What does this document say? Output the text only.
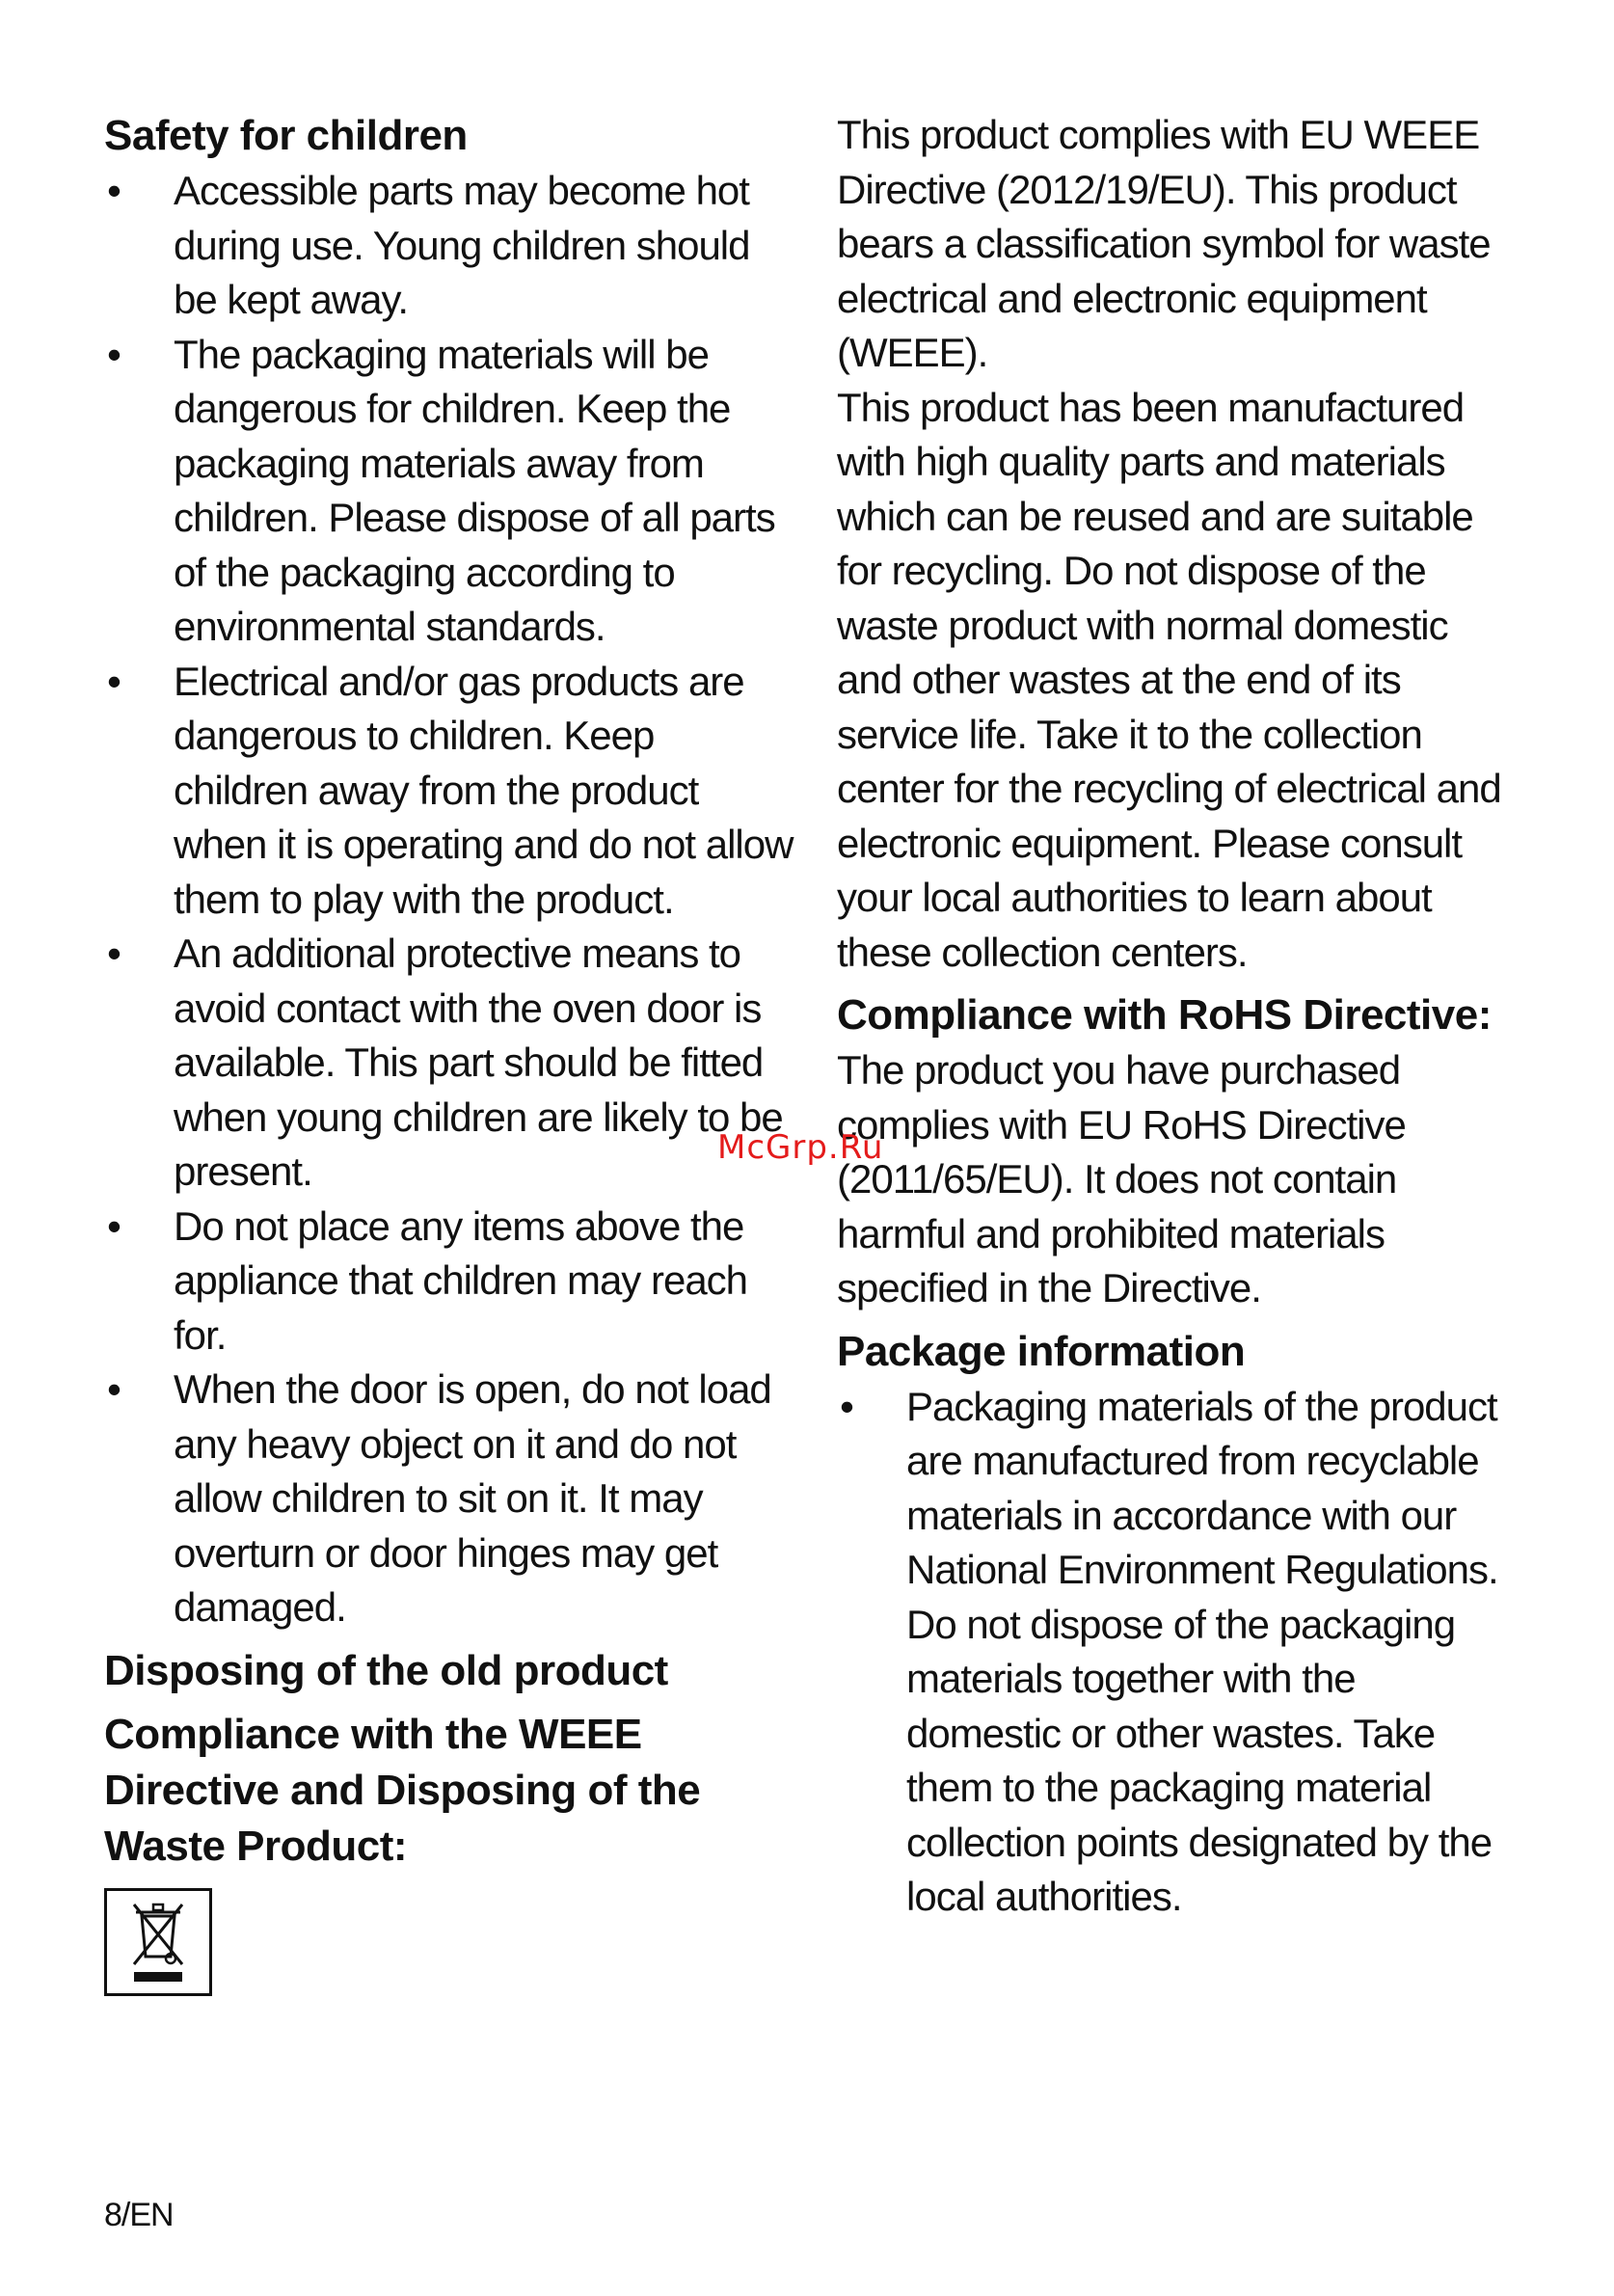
Safety for children
• Accessible parts may become hot during use. Young children should be kept away.
• The packaging materials will be dangerous for children. Keep the packaging materials away from children. Please dispose of all parts of the packaging according to environmental standards.
• Electrical and/or gas products are dangerous to children. Keep children away from the product when it is operating and do not allow them to play with the product.
• An additional protective means to avoid contact with the oven door is available. This part should be fitted when young children are likely to be present.
• Do not place any items above the appliance that children may reach for.
• When the door is open, do not load any heavy object on it and do not allow children to sit on it. It may overturn or door hinges may get damaged.
Disposing of the old product
Compliance with the WEEE Directive and Disposing of the Waste Product:

This product complies with EU WEEE Directive (2012/19/EU). This product bears a classification symbol for waste electrical and electronic equipment (WEEE).

This product has been manufactured with high quality parts and materials which can be reused and are suitable for recycling. Do not dispose of the waste product with normal domestic and other wastes at the end of its service life. Take it to the collection center for the recycling of electrical and electronic equipment. Please consult your local authorities to learn about these collection centers.

Compliance with RoHS Directive:

The product you have purchased complies with EU RoHS Directive (2011/65/EU). It does not contain harmful and prohibited materials specified in the Directive.

Package information
• Packaging materials of the product are manufactured from recyclable materials in accordance with our National Environment Regulations. Do not dispose of the packaging materials together with the domestic or other wastes. Take them to the packaging material collection points designated by the local authorities.
McGrp.Ru
8/EN
